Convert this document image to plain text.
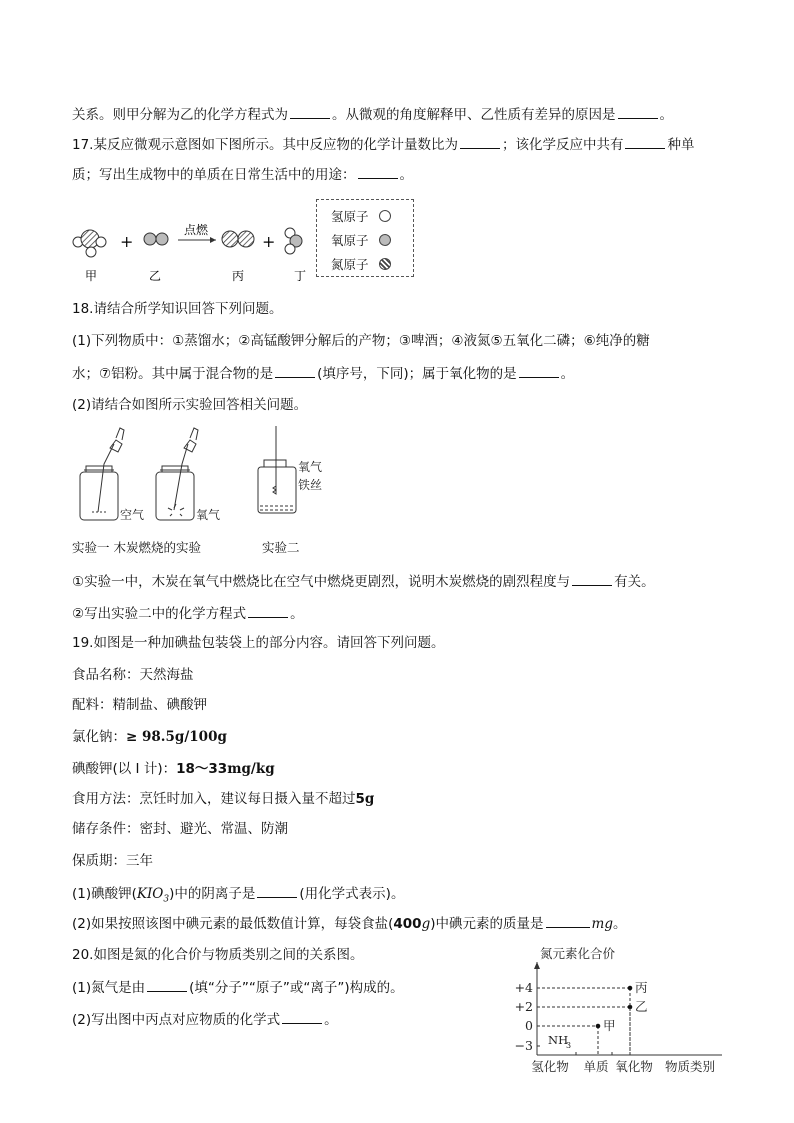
关系。则甲分解为乙的化学方程式为	。从微观的角度解释甲、乙性质有差异的原因是	。
17.某反应微观示意图如下图所示。其中反应物的化学计量数比为	；该化学反应中共有	种单
质；写出生成物中的单质在日常生活中的用途：	。
+
点燃
+
甲	乙	丙	丁
氢原子
氧原子
氮原子
18.请结合所学知识回答下列问题。
(1)下列物质中：①蒸馏水；②高锰酸钾分解后的产物；③啤酒；④液氮⑤五氧化二磷；⑥纯净的糖
水；⑦铝粉。其中属于混合物的是	(填序号，下同)；属于氧化物的是	。
(2)请结合如图所示实验回答相关问题。
空气	氧气
氧气
铁丝
实验一 木炭燃烧的实验	实验二
①实验一中，木炭在氧气中燃烧比在空气中燃烧更剧烈，说明木炭燃烧的剧烈程度与	有关。
②写出实验二中的化学方程式	。
19.如图是一种加碘盐包装袋上的部分内容。请回答下列问题。
食品名称：天然海盐
配料：精制盐、碘酸钾
氯化钠：≥ 98.5g/100g
碘酸钾(以 I 计)：18～33mg/kg
食用方法：烹饪时加入，建议每日摄入量不超过5g
储存条件：密封、避光、常温、防潮
保质期：三年
(1)碘酸钾$(KIO_3)$中的阴离子是	(用化学式表示)。
(2)如果按照该图中碘元素的最低数值计算，每袋食盐(400g)中碘元素的质量是	mg。
20.如图是氮的化合价与物质类别之间的关系图。
(1)氮气是由	(填“分子”“原子”或“离子”)构成的。
(2)写出图中丙点对应物质的化学式	。
氮元素化合价
物质类别
+4
+2
0
−3
氢化物 单质 氧化物
甲
乙
丙
NH
3
